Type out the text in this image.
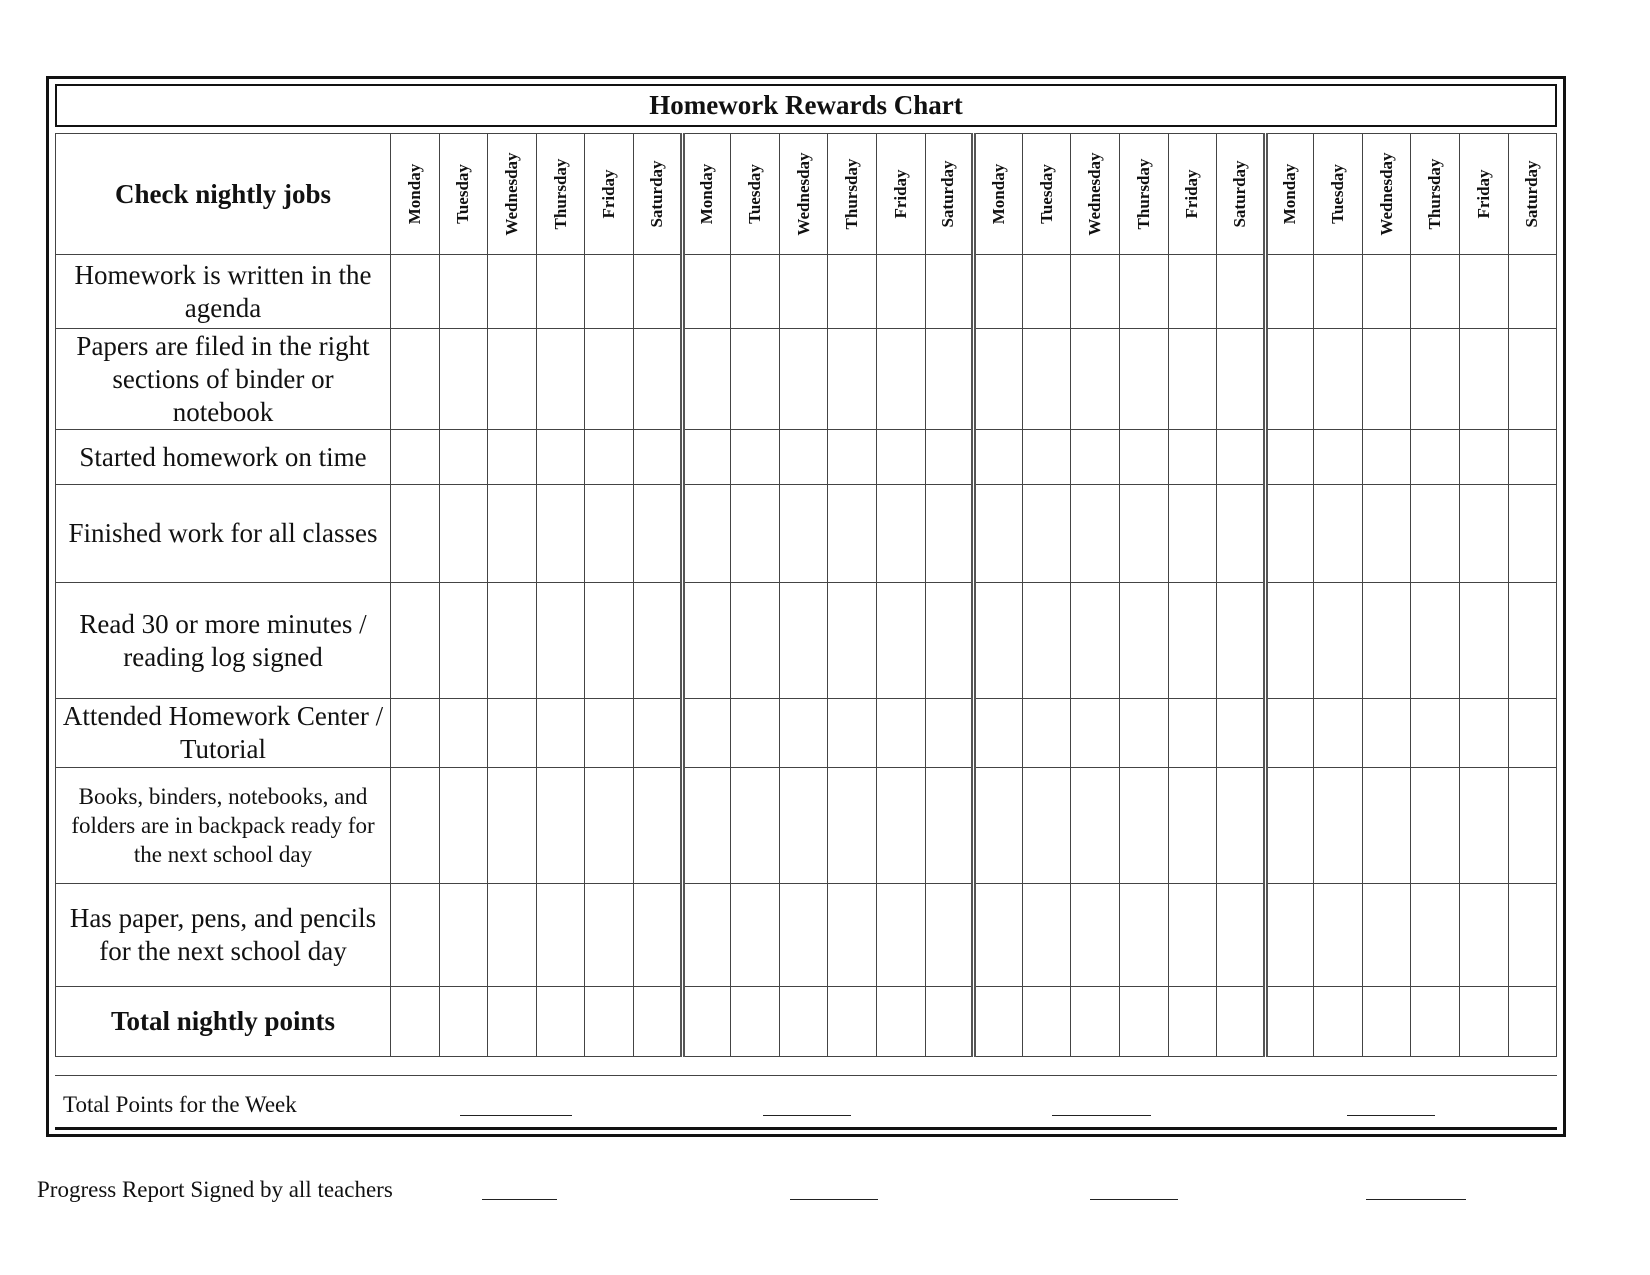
Homework Rewards Chart
Check nightly jobs	Monday	Tuesday	Wednesday	Thursday	Friday	Saturday	Monday	Tuesday	Wednesday	Thursday	Friday	Saturday	Monday	Tuesday	Wednesday	Thursday	Friday	Saturday	Monday	Tuesday	Wednesday	Thursday	Friday	Saturday

Homework is written in the agenda																								
Papers are filed in the right sections of binder or notebook																								
Started homework on time																								
Finished work for all classes																								
Read 30 or more minutes / reading log signed																								
Attended Homework Center / Tutorial																								
Books, binders, notebooks, and folders are in backpack ready for the next school day																								
Has paper, pens, and pencils for the next school day																								
Total nightly points																								
Total Points for the Week
Progress Report Signed by all teachers
